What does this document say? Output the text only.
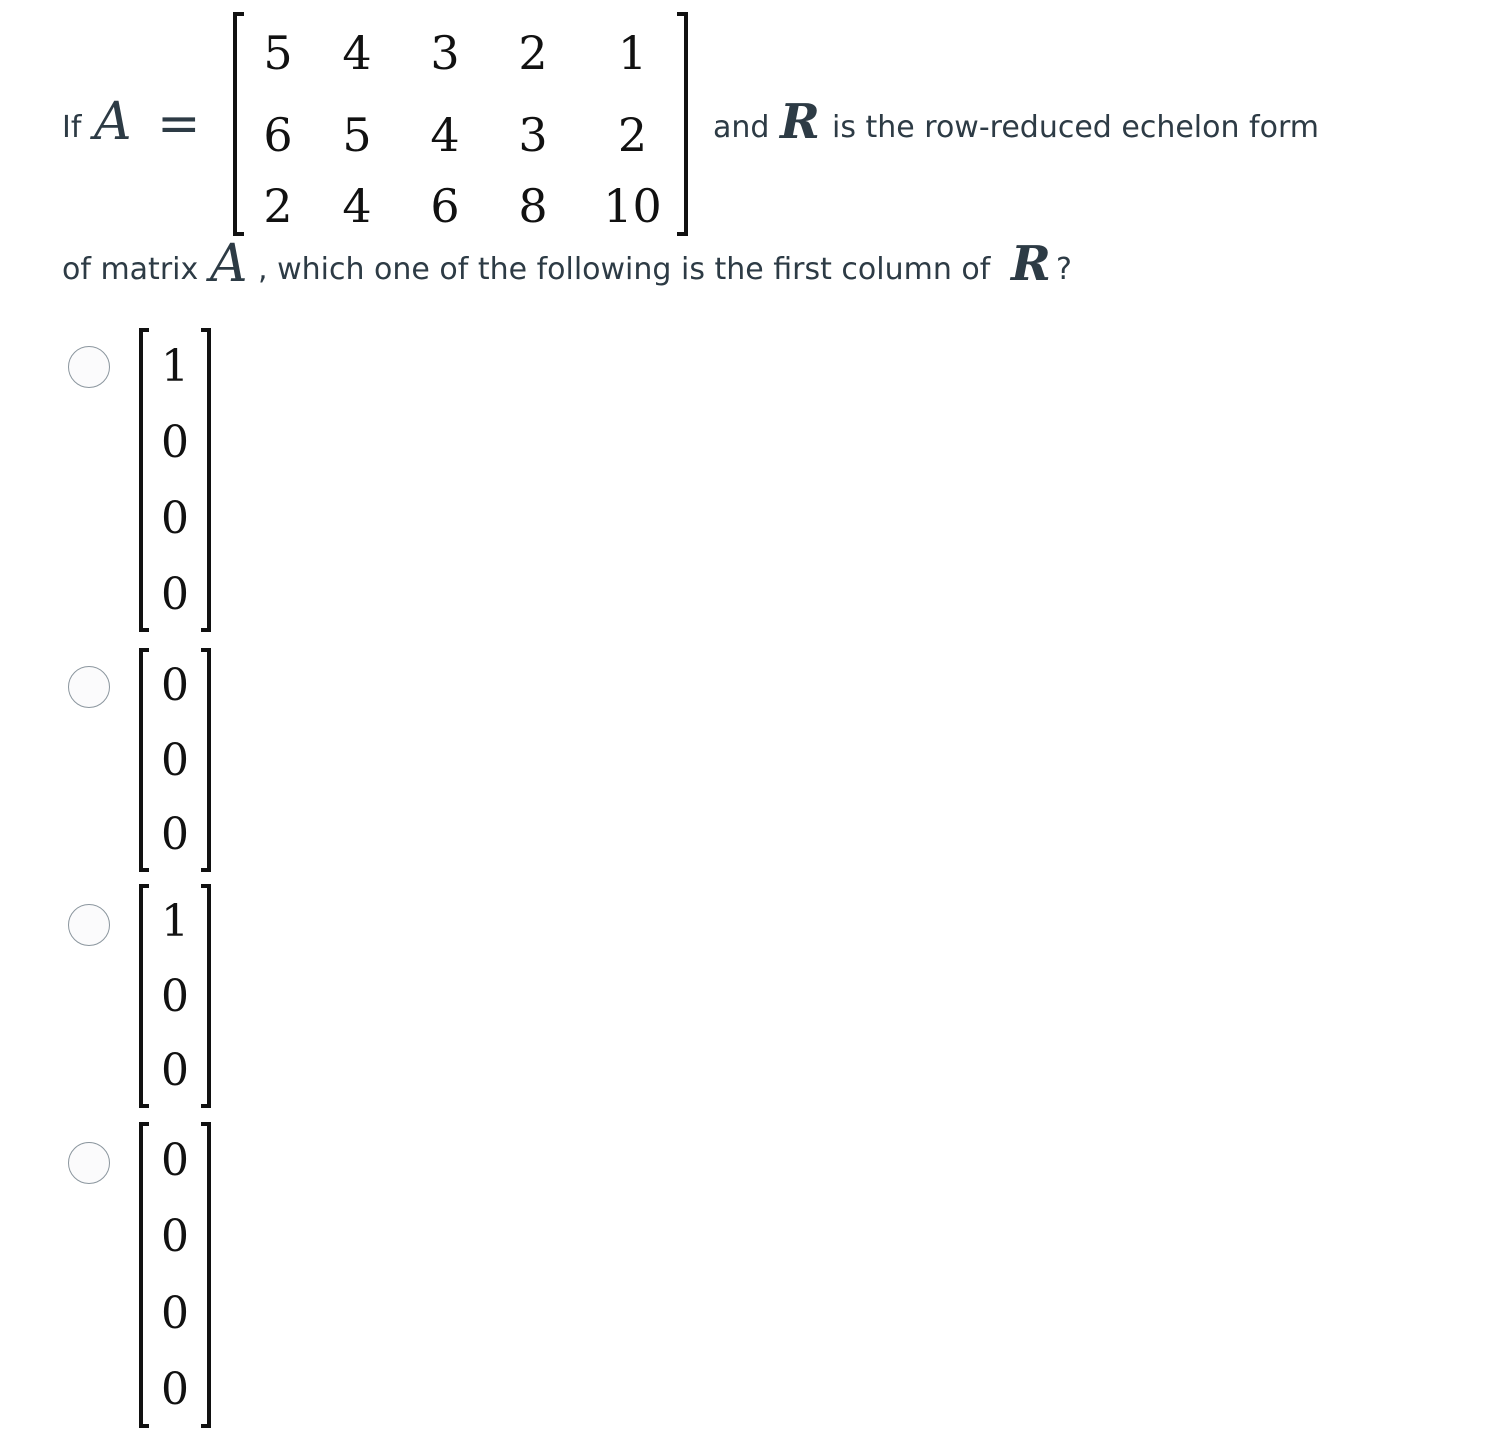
If A =
5	4	3	2	1
6	5	4	3	2
2	4	6	8	10
and R is the row-reduced echelon form
of matrix A , which one of the following is the first column of R ?
1
0
0
0
0
0
0
1
0
0
0
0
0
0
